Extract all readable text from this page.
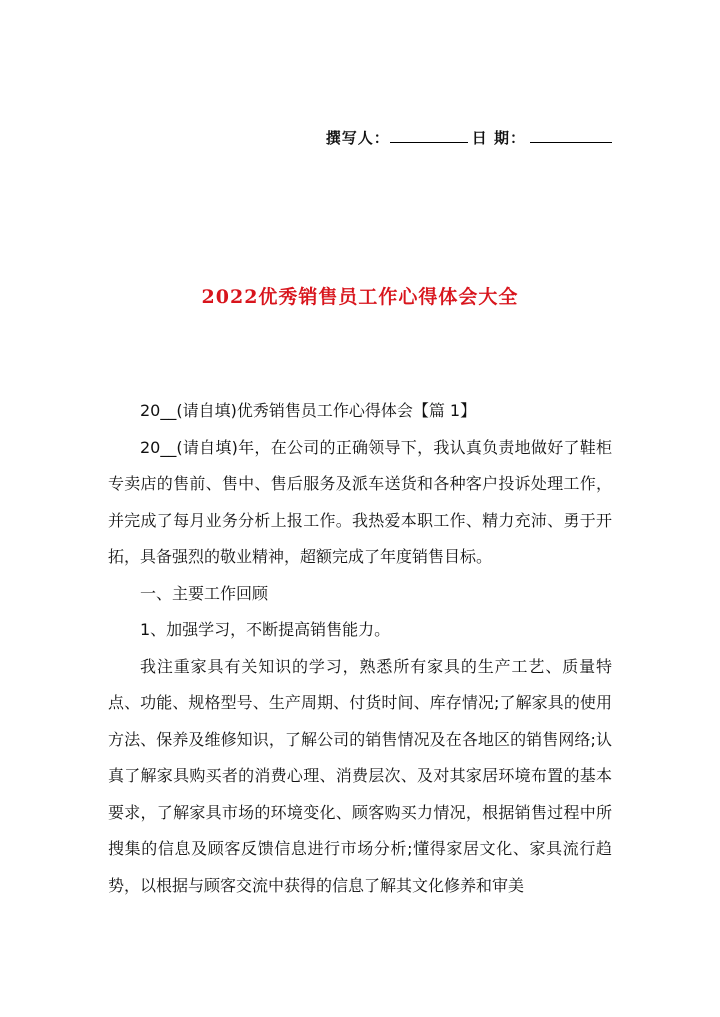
撰写人：	日 期：
2022优秀销售员工作心得体会大全

20__(请自填)优秀销售员工作心得体会【篇 1】

20__(请自填)年，在公司的正确领导下，我认真负责地做好了鞋柜专卖店的售前、售中、售后服务及派车送货和各种客户投诉处理工作，并完成了每月业务分析上报工作。我热爱本职工作、精力充沛、勇于开拓，具备强烈的敬业精神，超额完成了年度销售目标。

一、主要工作回顾

1、加强学习，不断提高销售能力。

我注重家具有关知识的学习，熟悉所有家具的生产工艺、质量特点、功能、规格型号、生产周期、付货时间、库存情况;了解家具的使用方法、保养及维修知识，了解公司的销售情况及在各地区的销售网络;认真了解家具购买者的消费心理、消费层次、及对其家居环境布置的基本要求，了解家具市场的环境变化、顾客购买力情况，根据销售过程中所搜集的信息及顾客反馈信息进行市场分析;懂得家居文化、家具流行趋势，以根据与顾客交流中获得的信息了解其文化修养和审美
